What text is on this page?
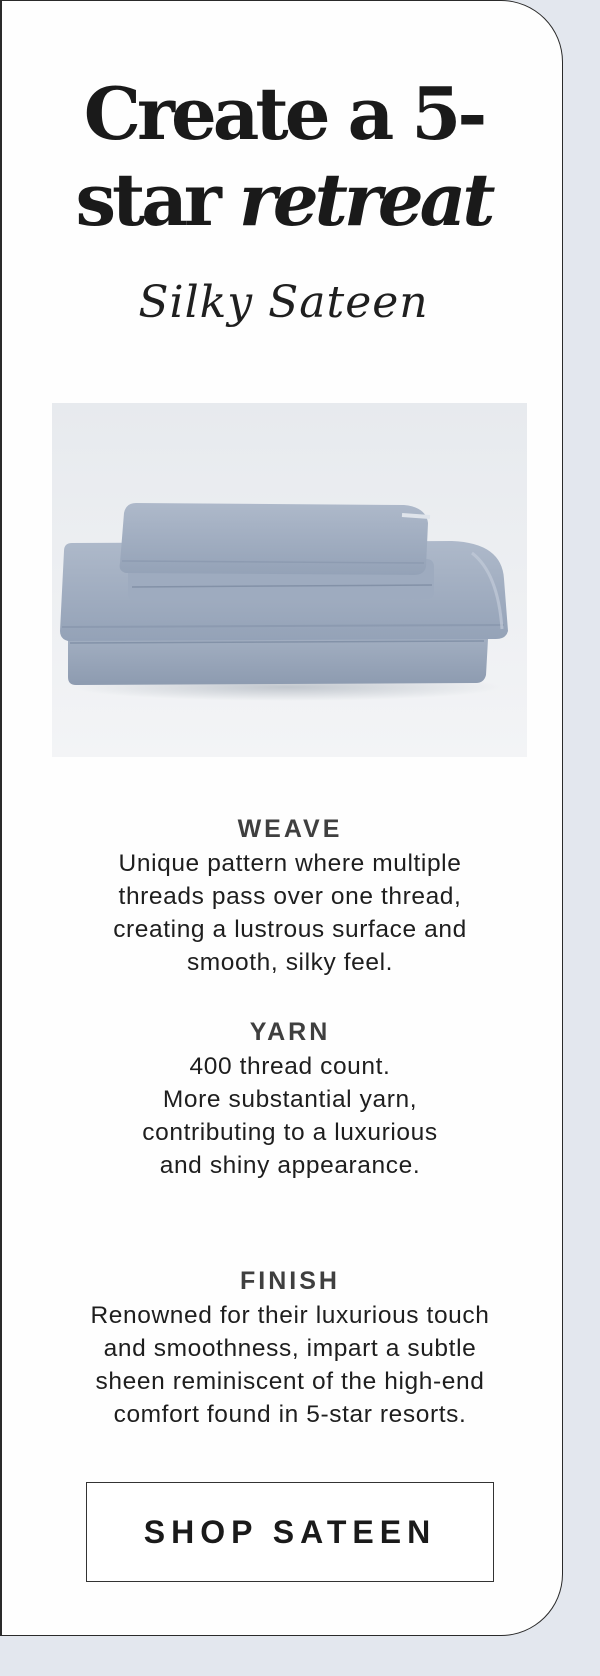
Create a 5-
star retreat
Silky Sateen
WEAVE

Unique pattern where multiple

threads pass over one thread,

creating a lustrous surface and

smooth, silky feel.

YARN

400 thread count.

More substantial yarn,

contributing to a luxurious

and shiny appearance.

FINISH

Renowned for their luxurious touch

and smoothness, impart a subtle

sheen reminiscent of the high-end

comfort found in 5-star resorts.

SHOP SATEEN
